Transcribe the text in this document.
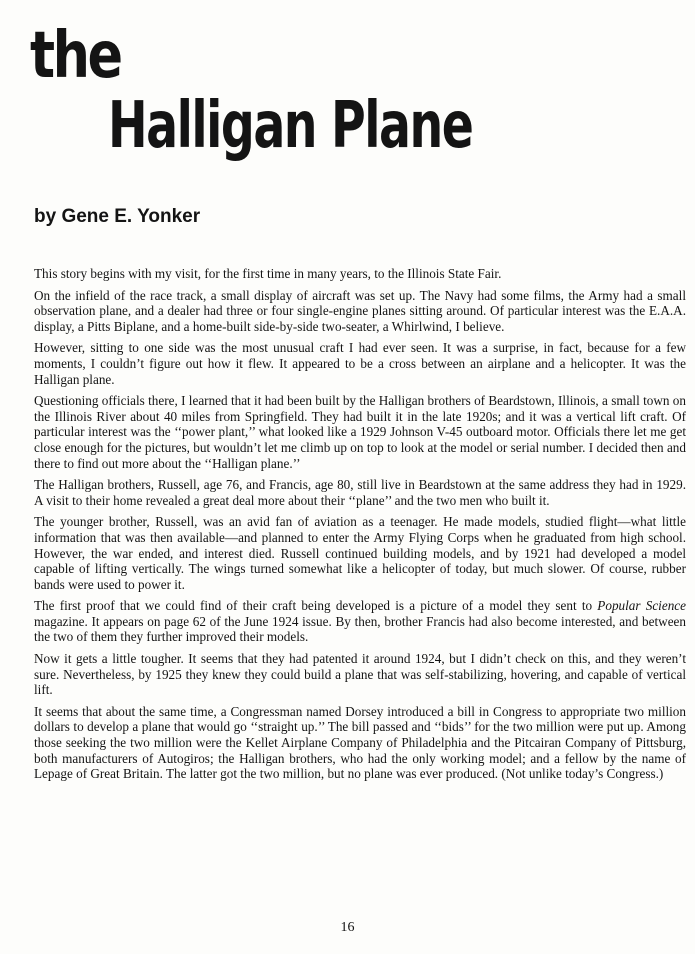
the
Halligan Plane

by Gene E. Yonker

This story begins with my visit, for the first time in many years, to the Illinois State Fair.

On the infield of the race track, a small display of aircraft was set up. The Navy had some films, the Army had a small observation plane, and a dealer had three or four single-engine planes sitting around. Of particular interest was the E.A.A. display, a Pitts Biplane, and a home-built side-by-side two-seater, a Whirlwind, I believe.

However, sitting to one side was the most unusual craft I had ever seen. It was a surprise, in fact, because for a few moments, I couldn’t figure out how it flew. It appeared to be a cross between an airplane and a helicopter. It was the Halligan plane.

Questioning officials there, I learned that it had been built by the Halligan brothers of Beardstown, Illinois, a small town on the Illinois River about 40 miles from Springfield. They had built it in the late 1920s; and it was a vertical lift craft. Of particular interest was the ‘‘power plant,’’ what looked like a 1929 Johnson V-45 outboard motor. Officials there let me get close enough for the pictures, but wouldn’t let me climb up on top to look at the model or serial number. I decided then and there to find out more about the ‘‘Halligan plane.’’

The Halligan brothers, Russell, age 76, and Francis, age 80, still live in Beardstown at the same address they had in 1929. A visit to their home revealed a great deal more about their ‘‘plane’’ and the two men who built it.

The younger brother, Russell, was an avid fan of aviation as a teenager. He made models, studied flight—what little information that was then available—and planned to enter the Army Flying Corps when he graduated from high school. However, the war ended, and interest died. Russell continued building models, and by 1921 had developed a model capable of lifting vertically. The wings turned somewhat like a helicopter of today, but much slower. Of course, rubber bands were used to power it.

The first proof that we could find of their craft being developed is a picture of a model they sent to Popular Science magazine. It appears on page 62 of the June 1924 issue. By then, brother Francis had also become interested, and between the two of them they further improved their models.

Now it gets a little tougher. It seems that they had patented it around 1924, but I didn’t check on this, and they weren’t sure. Nevertheless, by 1925 they knew they could build a plane that was self-stabilizing, hovering, and capable of vertical lift.

It seems that about the same time, a Congressman named Dorsey introduced a bill in Congress to appropriate two million dollars to develop a plane that would go ‘‘straight up.’’ The bill passed and ‘‘bids’’ for the two million were put up. Among those seeking the two million were the Kellet Airplane Company of Philadelphia and the Pitcairan Company of Pittsburg, both manufacturers of Autogiros; the Halligan brothers, who had the only working model; and a fellow by the name of Lepage of Great Britain. The latter got the two million, but no plane was ever produced. (Not unlike today’s Congress.)

16
